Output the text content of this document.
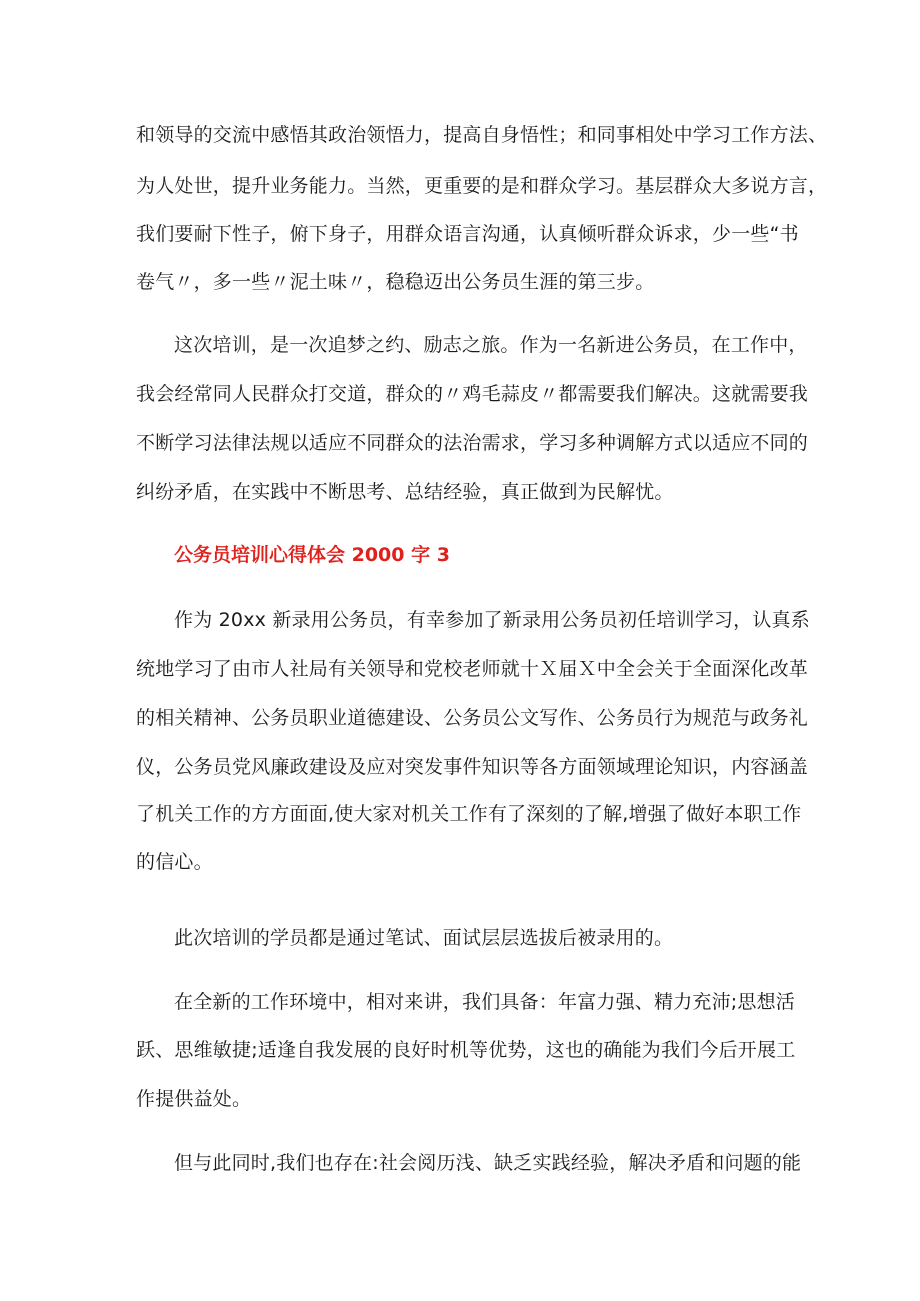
和领导的交流中感悟其政治领悟力，提高自身悟性；和同事相处中学习工作方法、
为人处世，提升业务能力。当然，更重要的是和群众学习。基层群众大多说方言，
我们要耐下性子，俯下身子，用群众语言沟通，认真倾听群众诉求，少一些“书
卷气〃，多一些〃泥土味〃，稳稳迈出公务员生涯的第三步。
这次培训，是一次追梦之约、励志之旅。作为一名新进公务员，在工作中，
我会经常同人民群众打交道，群众的〃鸡毛蒜皮〃都需要我们解决。这就需要我
不断学习法律法规以适应不同群众的法治需求，学习多种调解方式以适应不同的
纠纷矛盾，在实践中不断思考、总结经验，真正做到为民解忧。
公务员培训心得体会 2000 字 3
作为 20xx 新录用公务员，有幸参加了新录用公务员初任培训学习，认真系
统地学习了由市人社局有关领导和党校老师就十Ｘ届Ｘ中全会关于全面深化改革
的相关精神、公务员职业道德建设、公务员公文写作、公务员行为规范与政务礼
仪，公务员党风廉政建设及应对突发事件知识等各方面领域理论知识，内容涵盖
了机关工作的方方面面,使大家对机关工作有了深刻的了解,增强了做好本职工作
的信心。
此次培训的学员都是通过笔试、面试层层选拔后被录用的。
在全新的工作环境中，相对来讲，我们具备：年富力强、精力充沛;思想活
跃、思维敏捷;适逢自我发展的良好时机等优势，这也的确能为我们今后开展工
作提供益处。
但与此同时,我们也存在:社会阅历浅、缺乏实践经验，解决矛盾和问题的能
